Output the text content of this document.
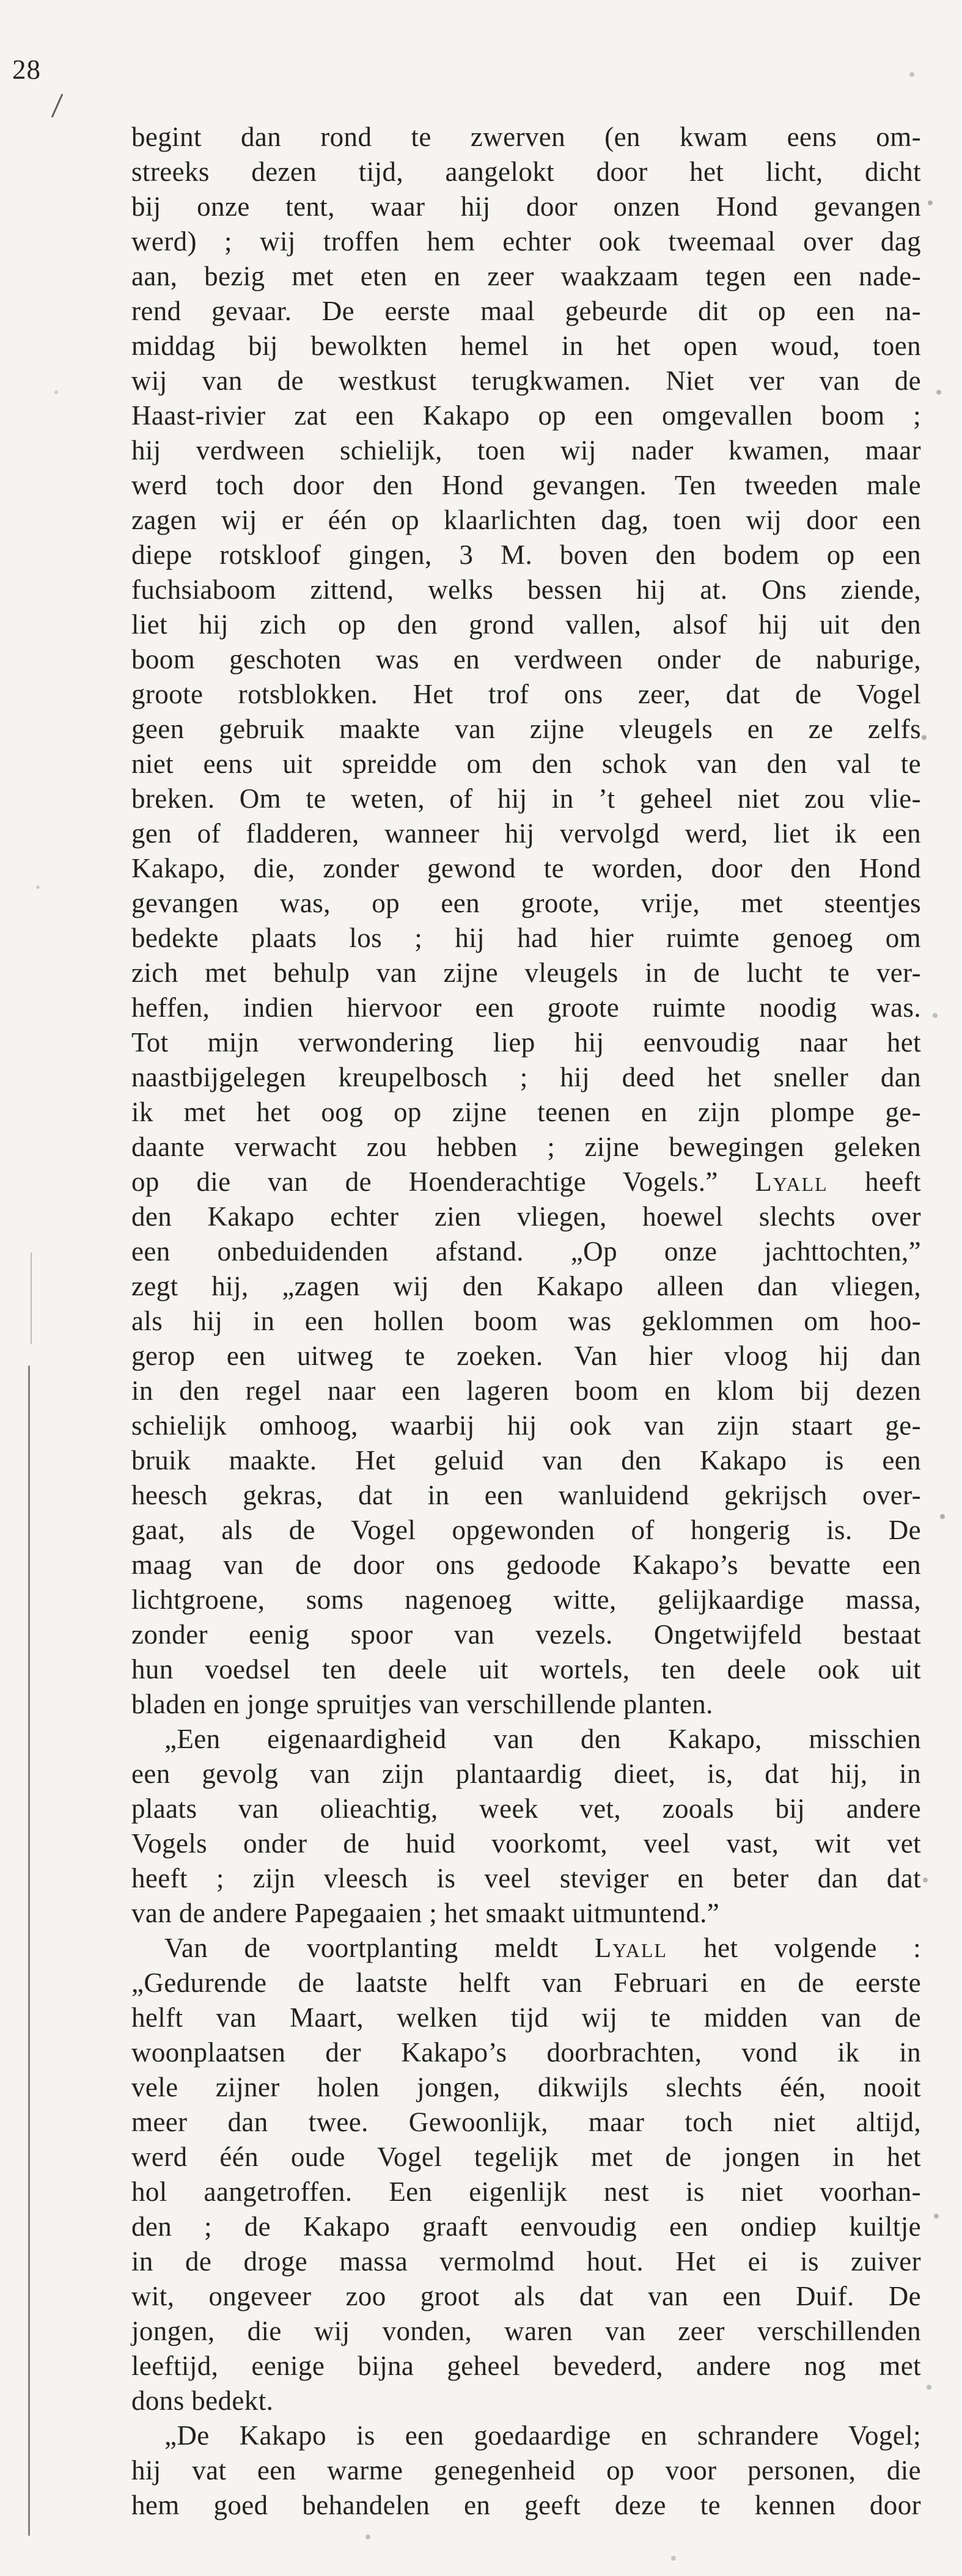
28
begint dan rond te zwerven (en kwam eens om-
streeks dezen tijd, aangelokt door het licht, dicht
bij onze tent, waar hij door onzen Hond gevangen
werd) ; wij troffen hem echter ook tweemaal over dag
aan, bezig met eten en zeer waakzaam tegen een nade-
rend gevaar. De eerste maal gebeurde dit op een na-
middag bij bewolkten hemel in het open woud, toen
wij van de westkust terugkwamen. Niet ver van de
Haast-rivier zat een Kakapo op een omgevallen boom ;
hij verdween schielijk, toen wij nader kwamen, maar
werd toch door den Hond gevangen. Ten tweeden male
zagen wij er één op klaarlichten dag, toen wij door een
diepe rotskloof gingen, 3 M. boven den bodem op een
fuchsiaboom zittend, welks bessen hij at. Ons ziende,
liet hij zich op den grond vallen, alsof hij uit den
boom geschoten was en verdween onder de naburige,
groote rotsblokken. Het trof ons zeer, dat de Vogel
geen gebruik maakte van zijne vleugels en ze zelfs
niet eens uit spreidde om den schok van den val te
breken. Om te weten, of hij in ’t geheel niet zou vlie-
gen of fladderen, wanneer hij vervolgd werd, liet ik een
Kakapo, die, zonder gewond te worden, door den Hond
gevangen was, op een groote, vrije, met steentjes
bedekte plaats los ; hij had hier ruimte genoeg om
zich met behulp van zijne vleugels in de lucht te ver-
heffen, indien hiervoor een groote ruimte noodig was.
Tot mijn verwondering liep hij eenvoudig naar het
naastbijgelegen kreupelbosch ; hij deed het sneller dan
ik met het oog op zijne teenen en zijn plompe ge-
daante verwacht zou hebben ; zijne bewegingen geleken
op die van de Hoenderachtige Vogels.” Lyall heeft
den Kakapo echter zien vliegen, hoewel slechts over
een onbeduidenden afstand. „Op onze jachttochten,”
zegt hij, „zagen wij den Kakapo alleen dan vliegen,
als hij in een hollen boom was geklommen om hoo-
gerop een uitweg te zoeken. Van hier vloog hij dan
in den regel naar een lageren boom en klom bij dezen
schielijk omhoog, waarbij hij ook van zijn staart ge-
bruik maakte. Het geluid van den Kakapo is een
heesch gekras, dat in een wanluidend gekrijsch over-
gaat, als de Vogel opgewonden of hongerig is. De
maag van de door ons gedoode Kakapo’s bevatte een
lichtgroene, soms nagenoeg witte, gelijkaardige massa,
zonder eenig spoor van vezels. Ongetwijfeld bestaat
hun voedsel ten deele uit wortels, ten deele ook uit
bladen en jonge spruitjes van verschillende planten.
„Een eigenaardigheid van den Kakapo, misschien
een gevolg van zijn plantaardig dieet, is, dat hij, in
plaats van olieachtig, week vet, zooals bij andere
Vogels onder de huid voorkomt, veel vast, wit vet
heeft ; zijn vleesch is veel steviger en beter dan dat
van de andere Papegaaien ; het smaakt uitmuntend.”
Van de voortplanting meldt Lyall het volgende :
„Gedurende de laatste helft van Februari en de eerste
helft van Maart, welken tijd wij te midden van de
woonplaatsen der Kakapo’s doorbrachten, vond ik in
vele zijner holen jongen, dikwijls slechts één, nooit
meer dan twee. Gewoonlijk, maar toch niet altijd,
werd één oude Vogel tegelijk met de jongen in het
hol aangetroffen. Een eigenlijk nest is niet voorhan-
den ; de Kakapo graaft eenvoudig een ondiep kuiltje
in de droge massa vermolmd hout. Het ei is zuiver
wit, ongeveer zoo groot als dat van een Duif. De
jongen, die wij vonden, waren van zeer verschillenden
leeftijd, eenige bijna geheel bevederd, andere nog met
dons bedekt.
„De Kakapo is een goedaardige en schrandere Vogel;
hij vat een warme genegenheid op voor personen, die
hem goed behandelen en geeft deze te kennen door
